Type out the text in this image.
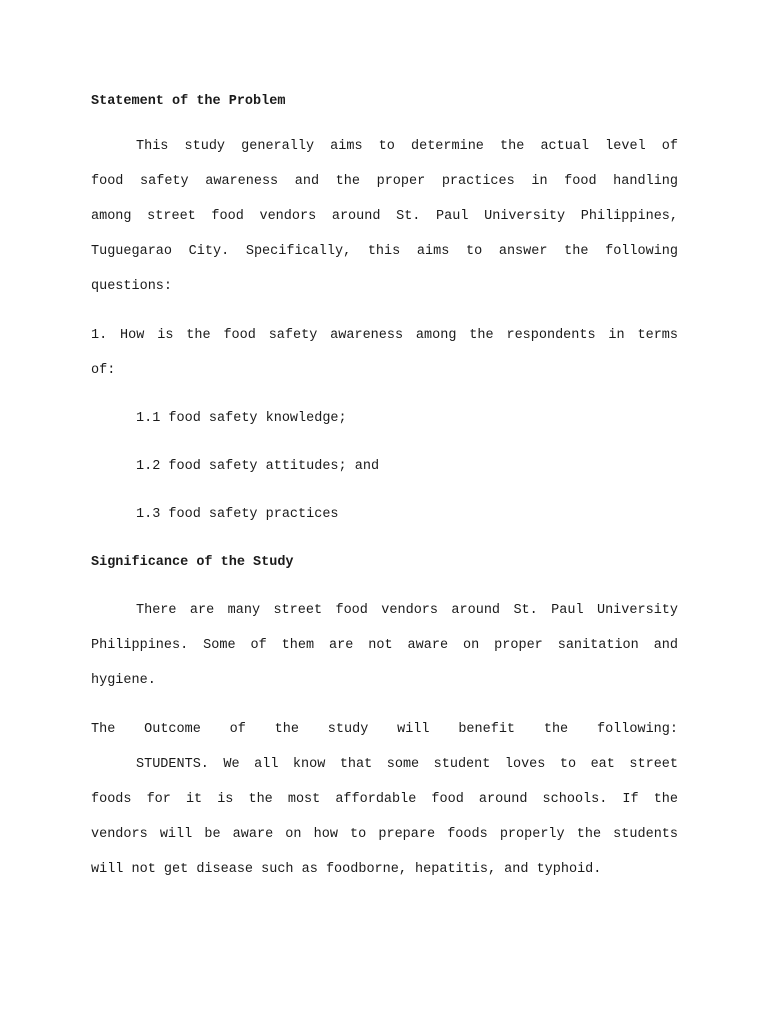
Statement of the Problem
This study generally aims to determine the actual level of
food safety awareness and the proper practices in food handling
among street food vendors around St. Paul University Philippines,
Tuguegarao City. Specifically, this aims to answer the following
questions:
1. How is the food safety awareness among the respondents in terms
of:
1.1 food safety knowledge;
1.2 food safety attitudes; and
1.3 food safety practices
Significance of the Study
There are many street food vendors around St. Paul University
Philippines. Some of them are not aware on proper sanitation and
hygiene.
The Outcome of the study will benefit the following:
STUDENTS. We all know that some student loves to eat street
foods for it is the most affordable food around schools. If the
vendors will be aware on how to prepare foods properly the students
will not get disease such as foodborne, hepatitis, and typhoid.
